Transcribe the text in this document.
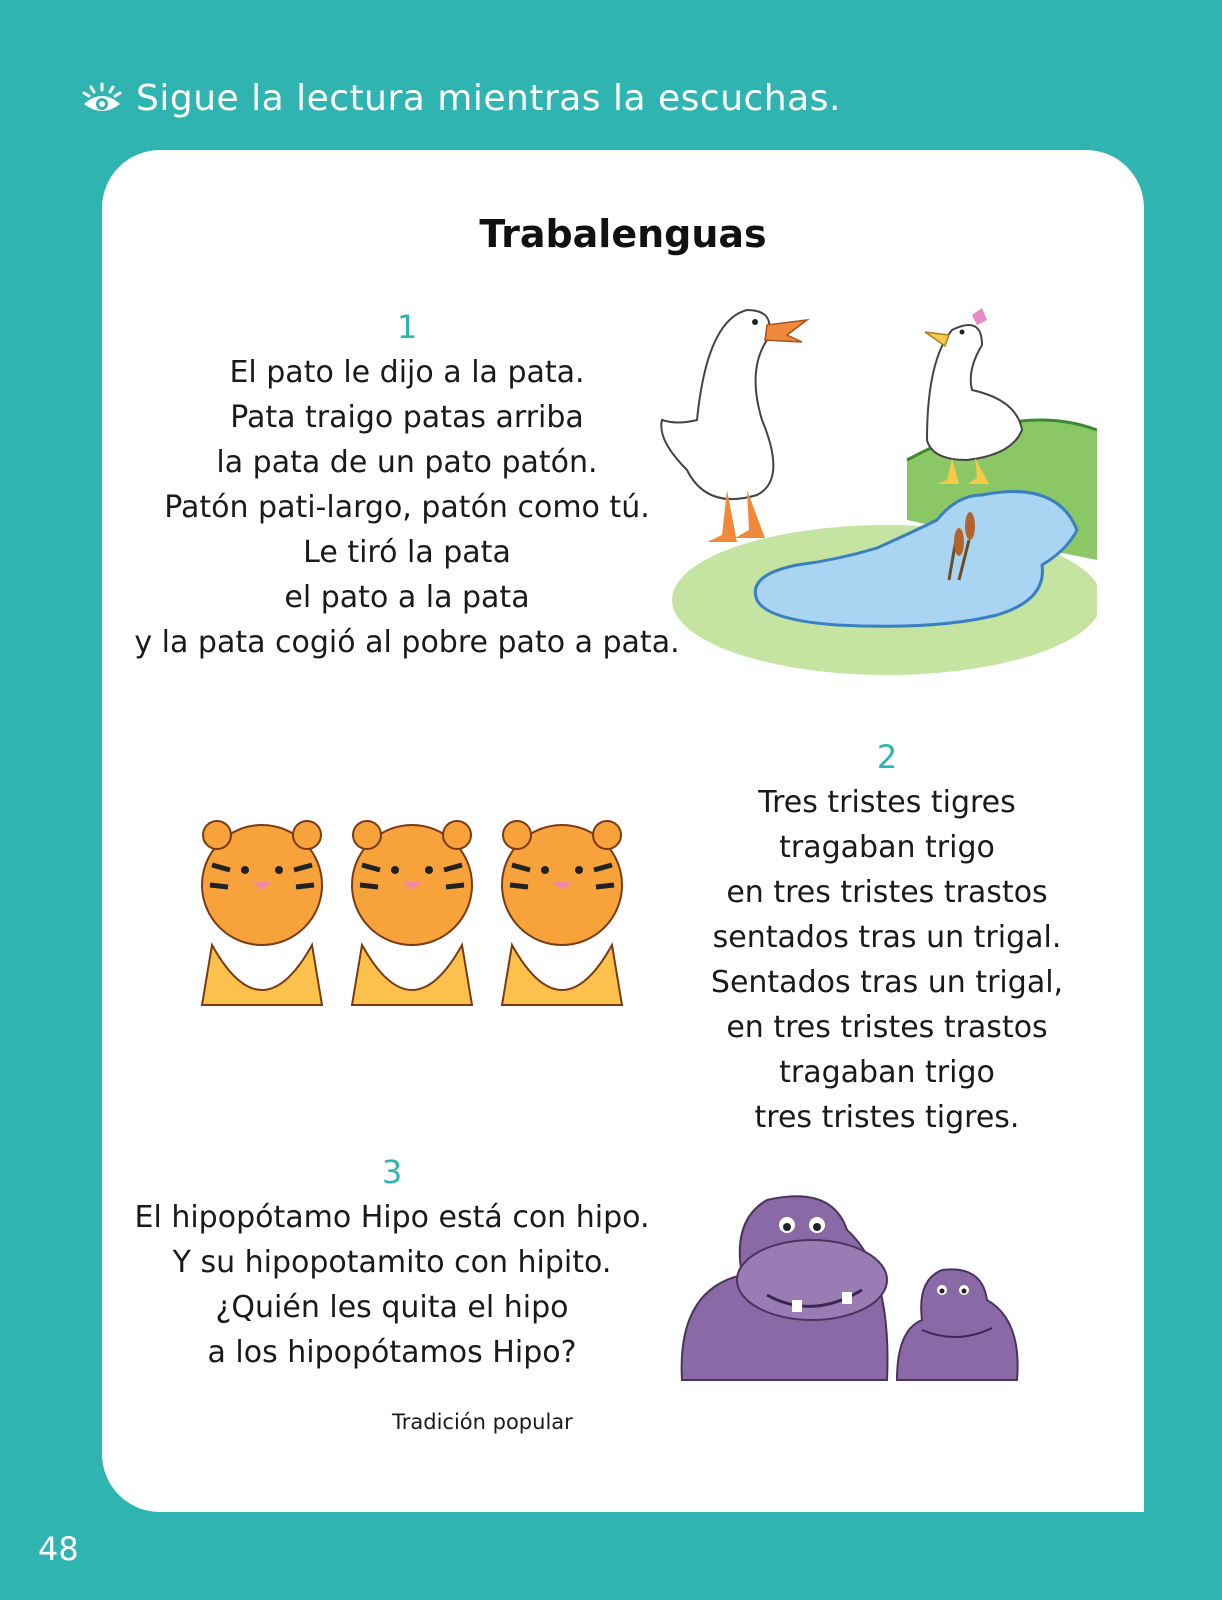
Sigue la lectura mientras la escuchas.
Trabalenguas
1
El pato le dijo a la pata.
Pata traigo patas arriba
la pata de un pato patón.
Patón pati-largo, patón como tú.
Le tiró la pata
el pato a la pata
y la pata cogió al pobre pato a pata.
2
Tres tristes tigres
tragaban trigo
en tres tristes trastos
sentados tras un trigal.
Sentados tras un trigal,
en tres tristes trastos
tragaban trigo
tres tristes tigres.
3
El hipopótamo Hipo está con hipo.
Y su hipopotamito con hipito.
¿Quién les quita el hipo
a los hipopótamos Hipo?
Tradición popular
48
